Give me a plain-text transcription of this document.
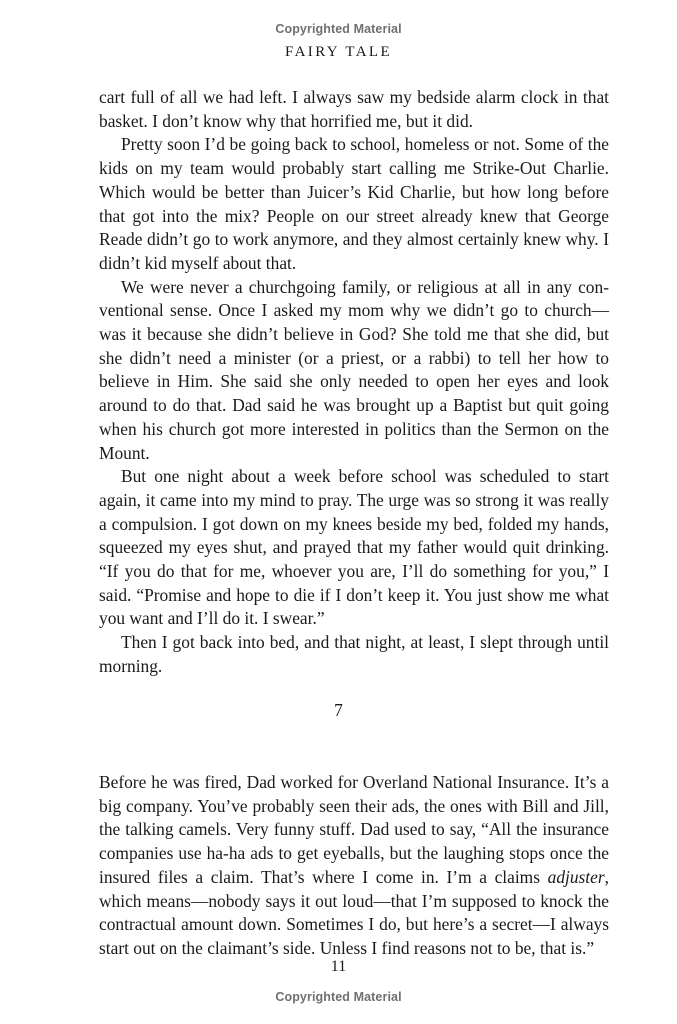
Copyrighted Material
FAIRY TALE

cart full of all we had left. I always saw my bedside alarm clock in that basket. I don’t know why that horrified me, but it did.

Pretty soon I’d be going back to school, homeless or not. Some of the kids on my team would probably start calling me Strike-Out Charlie. Which would be better than Juicer’s Kid Charlie, but how long before that got into the mix? People on our street already knew that George Reade didn’t go to work anymore, and they almost certainly knew why. I didn’t kid myself about that.

We were never a churchgoing family, or religious at all in any con-ventional sense. Once I asked my mom why we didn’t go to church—was it because she didn’t believe in God? She told me that she did, but she didn’t need a minister (or a priest, or a rabbi) to tell her how to believe in Him. She said she only needed to open her eyes and look around to do that. Dad said he was brought up a Baptist but quit going when his church got more interested in politics than the Sermon on the Mount.

But one night about a week before school was scheduled to start again, it came into my mind to pray. The urge was so strong it was really a compulsion. I got down on my knees beside my bed, folded my hands, squeezed my eyes shut, and prayed that my father would quit drinking. “If you do that for me, whoever you are, I’ll do something for you,” I said. “Promise and hope to die if I don’t keep it. You just show me what you want and I’ll do it. I swear.”

Then I got back into bed, and that night, at least, I slept through until morning.

7

Before he was fired, Dad worked for Overland National Insurance. It’s a big company. You’ve probably seen their ads, the ones with Bill and Jill, the talking camels. Very funny stuff. Dad used to say, “All the insurance companies use ha-ha ads to get eyeballs, but the laughing stops once the insured files a claim. That’s where I come in. I’m a claims adjuster, which means—nobody says it out loud—that I’m supposed to knock the contractual amount down. Sometimes I do, but here’s a secret—I always start out on the claimant’s side. Unless I find reasons not to be, that is.”

11
Copyrighted Material
